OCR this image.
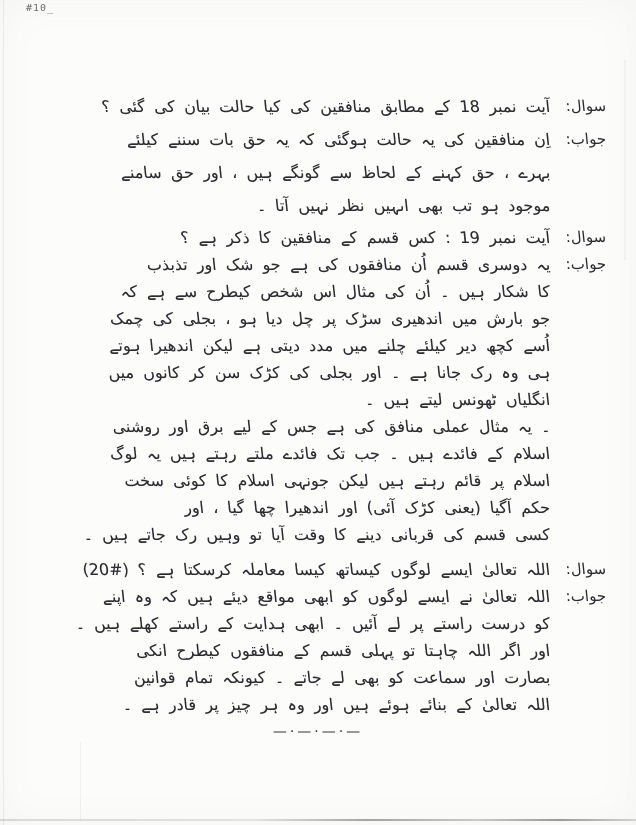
#10_
سوال:
آیت نمبر 18 کے مطابق منافقین کی کیا حالت بیان کی گئی ؟
جواب:
اِن منافقین کی یہ حالت ہوگئی کہ یہ حق بات سننے کیلئے
بہرے ، حق کہنے کے لحاظ سے گونگے ہیں ، اور حق سامنے
موجود ہو تب بھی اںہیں نظر نہیں آتا ۔
سوال:
آیت نمبر 19 : کس قسم کے منافقین کا ذکر ہے ؟
جواب:
یہ دوسری قسم اُن منافقوں کی ہے جو شک اور تذبذب
کا شکار ہیں ۔ اُن کی مثال اس شخص کیطرح سے ہے کہ
جو بارش میں اندھیری سڑک پر چل دیا ہو ، بجلی کی چمک
اُسے کچھ دیر کیلئے چلنے میں مدد دیتی ہے لیکن اندھیرا ہوتے
ہی وہ رک جانا ہے ۔ اور بجلی کی کڑک سن کر کانوں میں
انگلیاں ٹھونس لیتے ہیں ۔
۔ یہ مثال عملی منافق کی ہے جس کے لیے برق اور روشنی
اسلام کے فائدے ہیں ۔ جب تک فائدے ملتے رہتے ہیں یہ لوگ
اسلام پر قائم رہتے ہیں لیکن جونہی اسلام کا کوئی سخت
حکم آگیا (یعنی کڑک آئی) اور اندھیرا چھا گیا ، اور
کسی قسم کی قربانی دینے کا وقت آیا تو وہیں رک جاتے ہیں ۔
سوال:
اللہ تعالیٰ ایسے لوگوں کیساتھ کیسا معاملہ کرسکتا ہے ؟ (#20)
جواب:
اللہ تعالیٰ نے ایسے لوگوں کو ابھی مواقع دیئے ہیں کہ وہ اپنے
کو درست راستے پر لے آئیں ۔ ابھی ہدایت کے راستے کھلے ہیں ۔
اور اگر اللہ چاہتا تو پہلی قسم کے منافقوں کیطرح انکی
بصارت اور سماعت کو بھی لے جاتے ۔ کیونکہ تمام قوانین
اللہ تعالیٰ کے بنائے ہوئے ہیں اور وہ ہر چیز پر قادر ہے ۔
—·—·—·—
